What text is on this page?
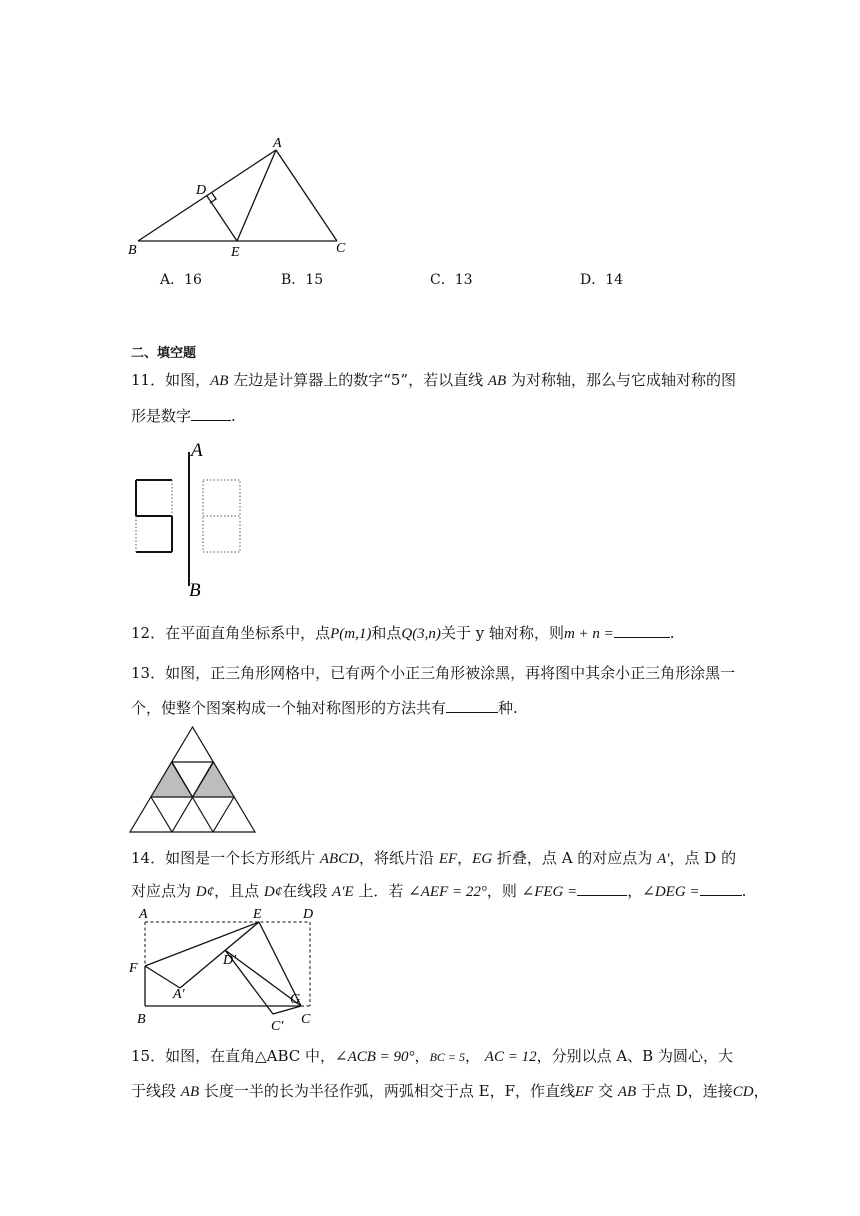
A
D
B	E	C
A．16	B．15	C．13	D．14
二、填空题
11．如图，AB 左边是计算器上的数字“5”，若以直线 AB 为对称轴，那么与它成轴对称的图
形是数字	.
A
B
12．在平面直角坐标系中，点P(m,1)和点Q(3,n)关于 y 轴对称，则m + n =	.
13．如图，正三角形网格中，已有两个小正三角形被涂黑，再将图中其余小正三角形涂黑一
个，使整个图案构成一个轴对称图形的方法共有	种.
14．如图是一个长方形纸片 ABCD，将纸片沿 EF，EG 折叠，点 A 的对应点为 A′，点 D 的
对应点为 D¢，且点 D¢在线段 A′E 上．若 ∠AEF = 22°，则 ∠FEG =	，∠DEG =	.
A	E	D
F
D′
A′	G
B	C′ C
15．如图，在直角△ABC 中，∠ACB = 90°，BC = 5， AC = 12，分别以点 A、B 为圆心，大
于线段 AB 长度一半的长为半径作弧，两弧相交于点 E，F，作直线EF 交 AB 于点 D，连接CD，
